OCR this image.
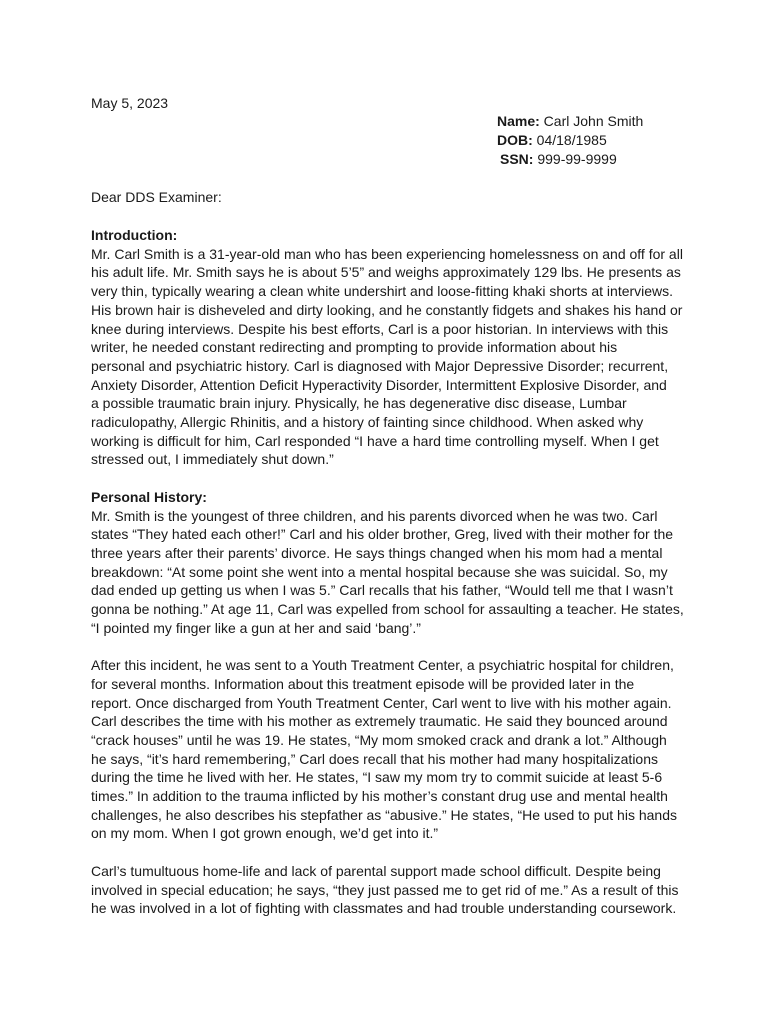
May 5, 2023
Name: Carl John Smith
DOB: 04/18/1985
SSN: 999-99-9999
Dear DDS Examiner:
Introduction:
Mr. Carl Smith is a 31-year-old man who has been experiencing homelessness on and off for all
his adult life. Mr. Smith says he is about 5’5” and weighs approximately 129 lbs. He presents as
very thin, typically wearing a clean white undershirt and loose-fitting khaki shorts at interviews.
His brown hair is disheveled and dirty looking, and he constantly fidgets and shakes his hand or
knee during interviews. Despite his best efforts, Carl is a poor historian. In interviews with this
writer, he needed constant redirecting and prompting to provide information about his
personal and psychiatric history. Carl is diagnosed with Major Depressive Disorder; recurrent,
Anxiety Disorder, Attention Deficit Hyperactivity Disorder, Intermittent Explosive Disorder, and
a possible traumatic brain injury. Physically, he has degenerative disc disease, Lumbar
radiculopathy, Allergic Rhinitis, and a history of fainting since childhood. When asked why
working is difficult for him, Carl responded “I have a hard time controlling myself. When I get
stressed out, I immediately shut down.”
Personal History:
Mr. Smith is the youngest of three children, and his parents divorced when he was two. Carl
states “They hated each other!” Carl and his older brother, Greg, lived with their mother for the
three years after their parents’ divorce. He says things changed when his mom had a mental
breakdown: “At some point she went into a mental hospital because she was suicidal. So, my
dad ended up getting us when I was 5.” Carl recalls that his father, “Would tell me that I wasn’t
gonna be nothing.” At age 11, Carl was expelled from school for assaulting a teacher. He states,
“I pointed my finger like a gun at her and said ‘bang’.”
After this incident, he was sent to a Youth Treatment Center, a psychiatric hospital for children,
for several months. Information about this treatment episode will be provided later in the
report. Once discharged from Youth Treatment Center, Carl went to live with his mother again.
Carl describes the time with his mother as extremely traumatic. He said they bounced around
“crack houses” until he was 19. He states, “My mom smoked crack and drank a lot.” Although
he says, “it’s hard remembering,” Carl does recall that his mother had many hospitalizations
during the time he lived with her. He states, “I saw my mom try to commit suicide at least 5-6
times.” In addition to the trauma inflicted by his mother’s constant drug use and mental health
challenges, he also describes his stepfather as “abusive.” He states, “He used to put his hands
on my mom. When I got grown enough, we’d get into it.”
Carl’s tumultuous home-life and lack of parental support made school difficult. Despite being
involved in special education; he says, “they just passed me to get rid of me.” As a result of this
he was involved in a lot of fighting with classmates and had trouble understanding coursework.
